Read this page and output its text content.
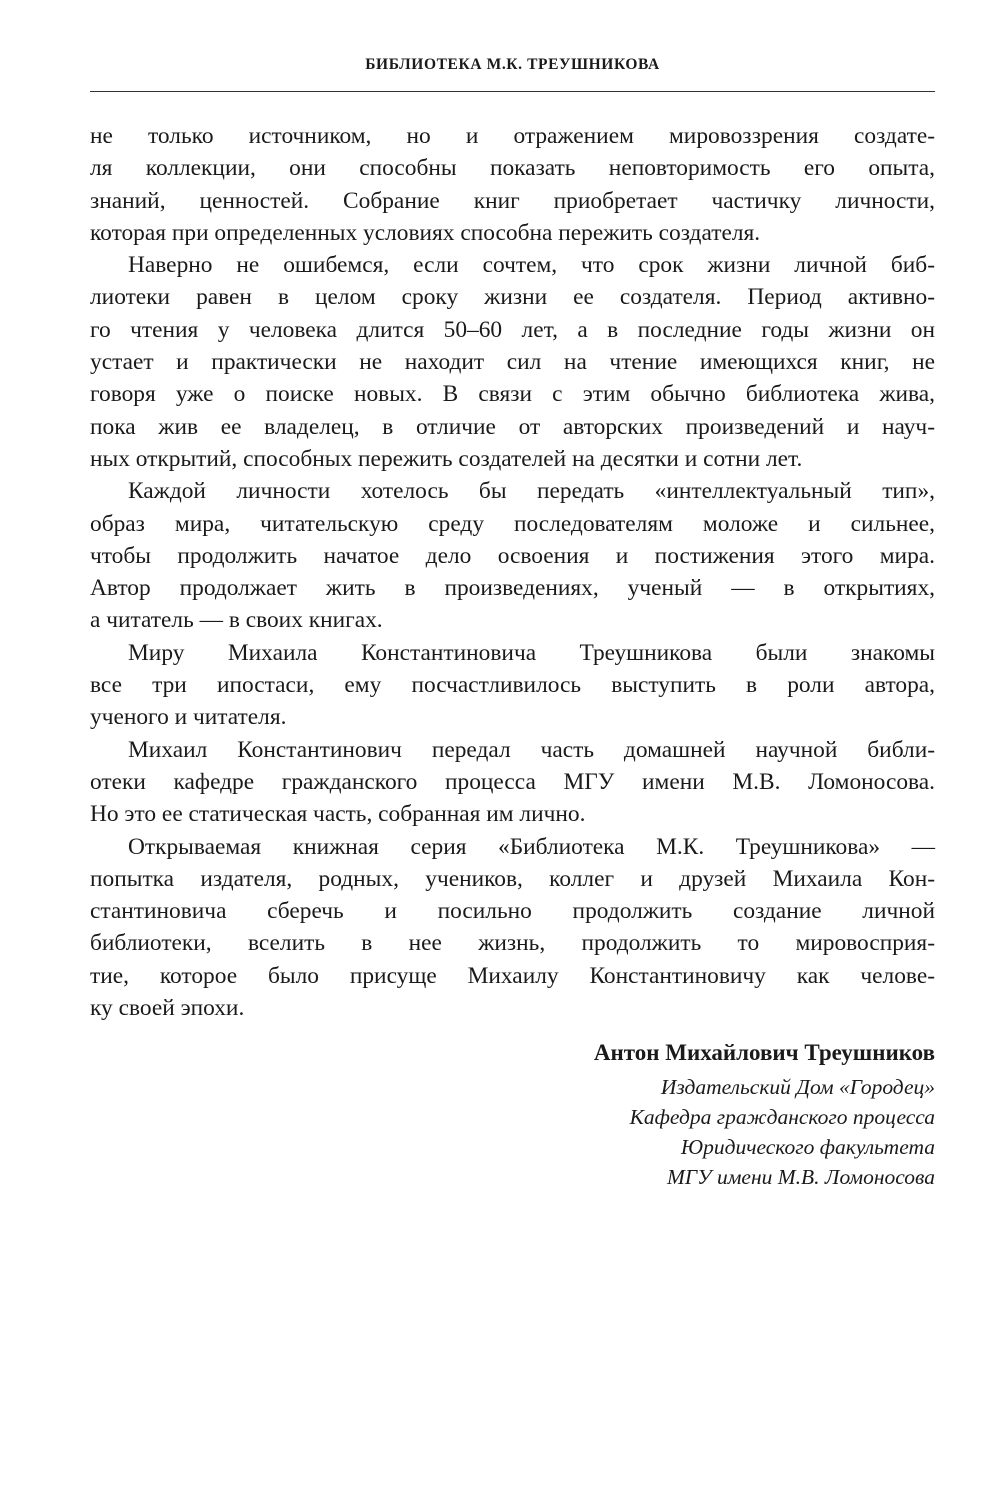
БИБЛИОТЕКА М.К. ТРЕУШНИКОВА
не только источником, но и отражением мировоззрения создате-
ля коллекции, они способны показать неповторимость его опыта,
знаний, ценностей. Собрание книг приобретает частичку личности,
которая при определенных условиях способна пережить создателя.
Наверно не ошибемся, если сочтем, что срок жизни личной биб-
лиотеки равен в целом сроку жизни ее создателя. Период активно-
го чтения у человека длится 50–60 лет, а в последние годы жизни он
устает и практически не находит сил на чтение имеющихся книг, не
говоря уже о поиске новых. В связи с этим обычно библиотека жива,
пока жив ее владелец, в отличие от авторских произведений и науч-
ных открытий, способных пережить создателей на десятки и сотни лет.
Каждой личности хотелось бы передать «интеллектуальный тип»,
образ мира, читательскую среду последователям моложе и сильнее,
чтобы продолжить начатое дело освоения и постижения этого мира.
Автор продолжает жить в произведениях, ученый — в открытиях,
а читатель — в своих книгах.
Миру Михаила Константиновича Треушникова были знакомы
все три ипостаси, ему посчастливилось выступить в роли автора,
ученого и читателя.
Михаил Константинович передал часть домашней научной библи-
отеки кафедре гражданского процесса МГУ имени М.В. Ломоносова.
Но это ее статическая часть, собранная им лично.
Открываемая книжная серия «Библиотека М.К. Треушникова» —
попытка издателя, родных, учеников, коллег и друзей Михаила Кон-
стантиновича сберечь и посильно продолжить создание личной
библиотеки, вселить в нее жизнь, продолжить то мировосприя-
тие, которое было присуще Михаилу Константиновичу как челове-
ку своей эпохи.
Антон Михайлович Треушников
Издательский Дом «Городец»
Кафедра гражданского процесса
Юридического факультета
МГУ имени М.В. Ломоносова
